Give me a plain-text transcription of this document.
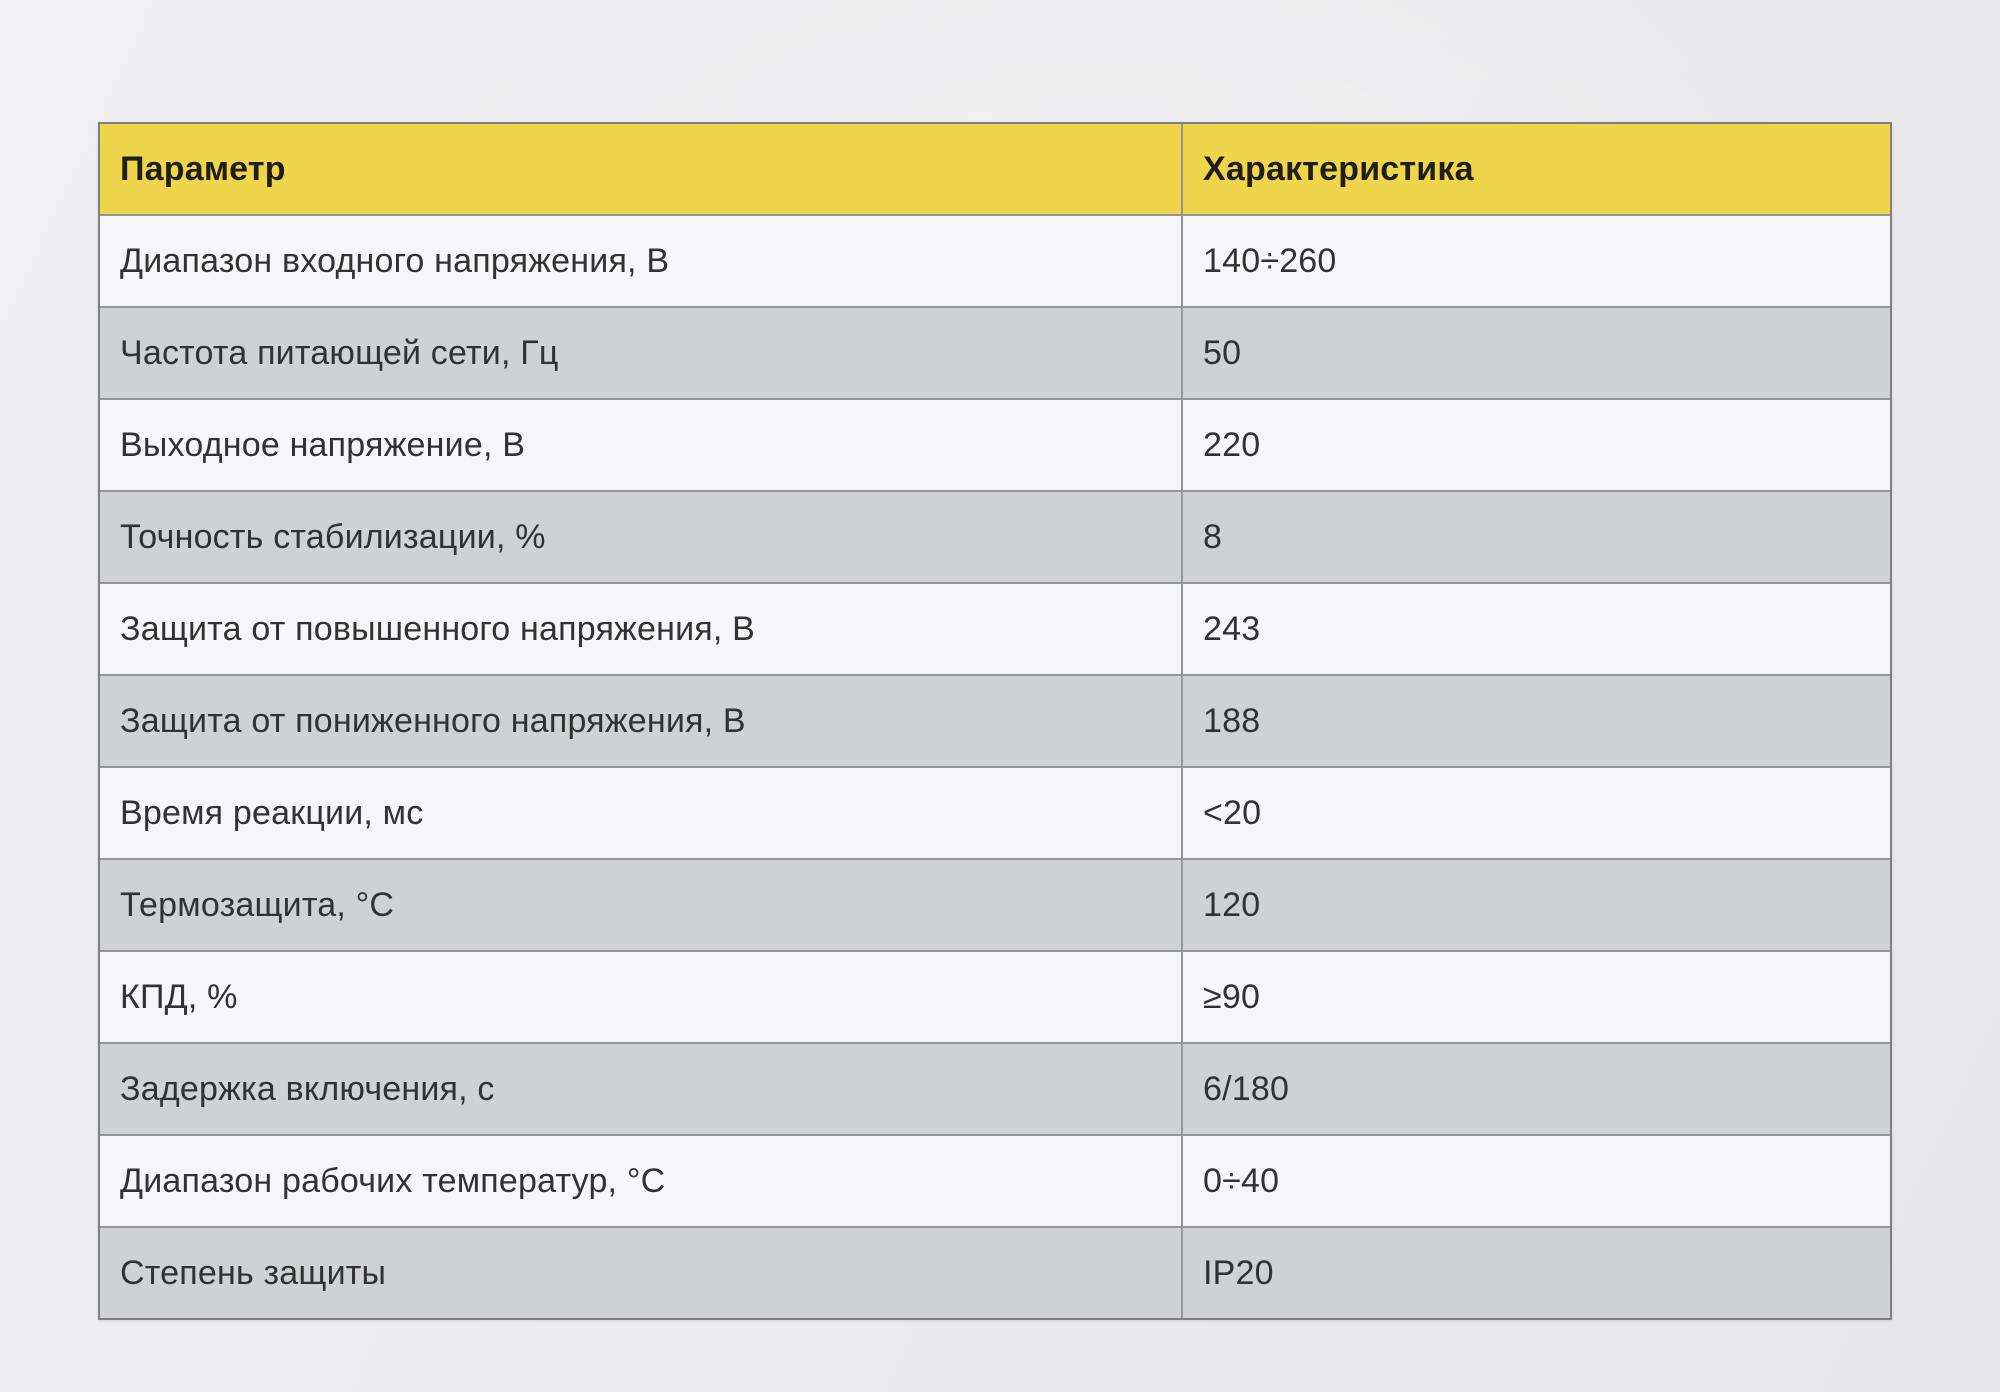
Параметр	Характеристика
Диапазон входного напряжения, В	140÷260
Частота питающей сети, Гц	50
Выходное напряжение, В	220
Точность стабилизации, %	8
Защита от повышенного напряжения, В	243
Защита от пониженного напряжения, В	188
Время реакции, мс	<20
Термозащита, °С	120
КПД, %	≥90
Задержка включения, с	6/180
Диапазон рабочих температур, °С	0÷40
Степень защиты	IP20
